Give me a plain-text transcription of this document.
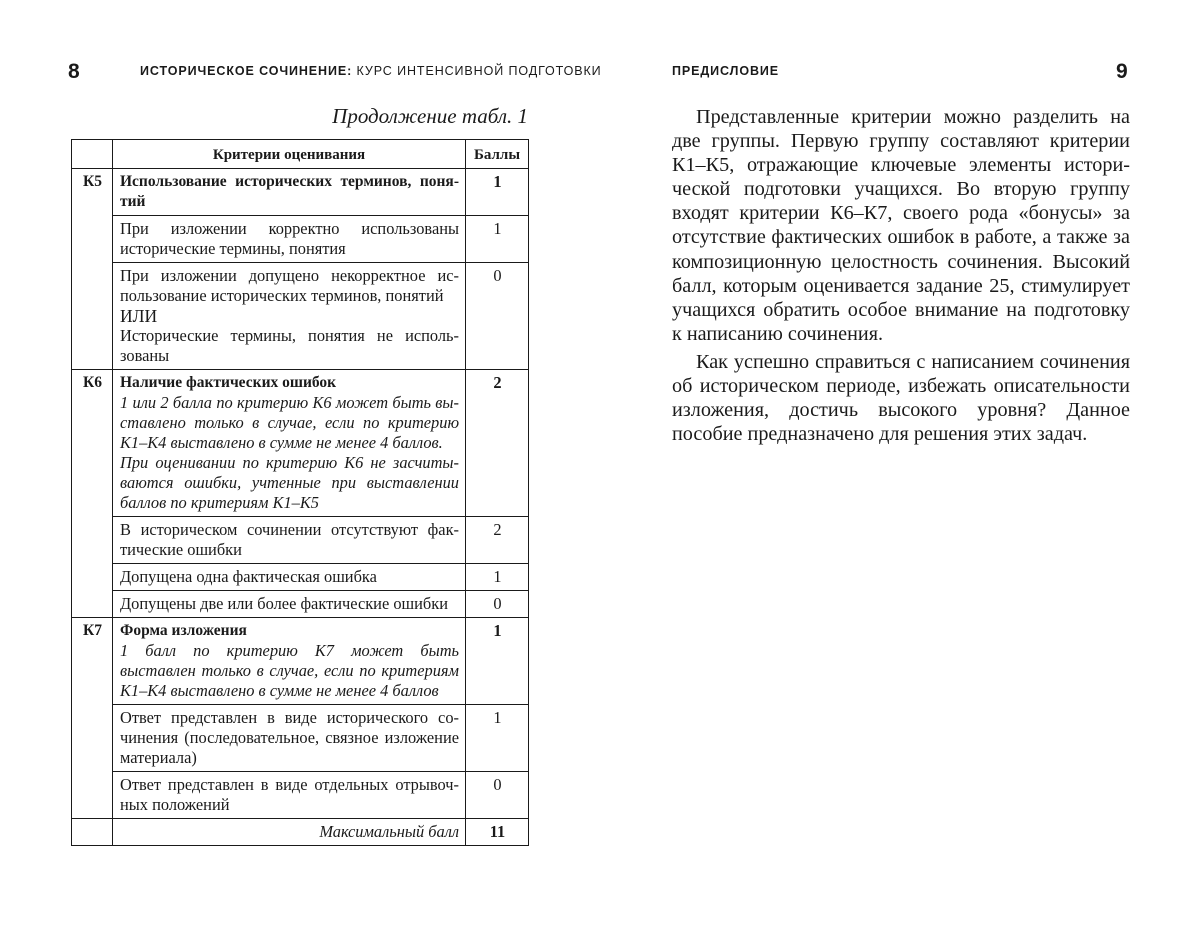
8	ИСТОРИЧЕСКОЕ СОЧИНЕНИЕ: КУРС ИНТЕНСИВНОЙ ПОДГОТОВКИ
Продолжение табл. 1
	Критерии оценивания	Баллы
К5	Использование исторических терминов, понятий	1
	При изложении корректно использованы исторические термины, понятия	1

	При изложении допущено некорректное использование исторических терминов, понятий
ИЛИ
Исторические термины, понятия не использованы	0
К6	Наличие фактических ошибок
1 или 2 балла по критерию К6 может быть выставлено только в случае, если по критерию К1–К4 выставлено в сумме не менее 4 баллов.
При оценивании по критерию К6 не засчитываются ошибки, учтенные при выставлении баллов по критериям К1–К5	2
	В историческом сочинении отсутствуют фактические ошибки	2
	Допущена одна фактическая ошибка	1
	Допущены две или более фактические ошибки	0
К7	Форма изложения
1 балл по критерию К7 может быть выставлен только в случае, если по критериям К1–К4 выставлено в сумме не менее 4 баллов	1
	Ответ представлен в виде исторического сочинения (последовательное, связное изложение материала)	1
	Ответ представлен в виде отдельных отрывочных положений	0
	Максимальный балл	11
ПРЕДИСЛОВИЕ	9

Представленные критерии можно разделить на две группы. Первую группу составляют критерии К1–К5, отражающие ключевые элементы исторической подготовки учащихся. Во вторую группу входят критерии К6–К7, своего рода «бонусы» за отсутствие фактических ошибок в работе, а также за композиционную целостность сочинения. Высокий балл, которым оценивается задание 25, стимулирует учащихся обратить особое внимание на подготовку к написанию сочинения.

Как успешно справиться с написанием сочинения об историческом периоде, избежать описательности изложения, достичь высокого уровня? Данное пособие предназначено для решения этих задач.
